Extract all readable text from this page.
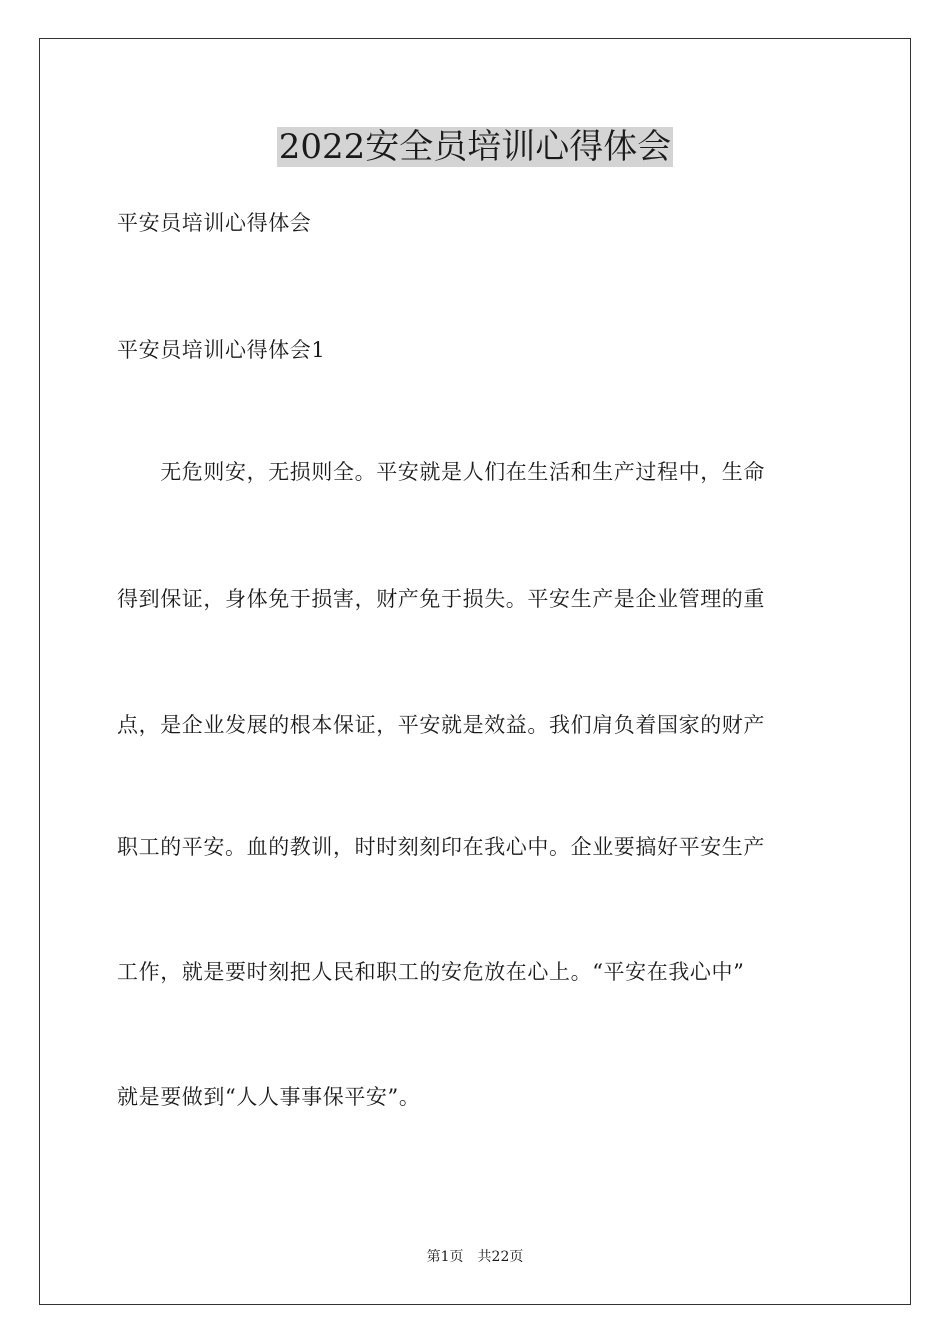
2022安全员培训心得体会

平安员培训心得体会

平安员培训心得体会1

　　无危则安，无损则全。平安就是人们在生活和生产过程中，生命

得到保证，身体免于损害，财产免于损失。平安生产是企业管理的重

点，是企业发展的根本保证，平安就是效益。我们肩负着国家的财产

职工的平安。血的教训，时时刻刻印在我心中。企业要搞好平安生产

工作，就是要时刻把人民和职工的安危放在心上。“平安在我心中”

就是要做到“人人事事保平安”。

第1页　共22页
